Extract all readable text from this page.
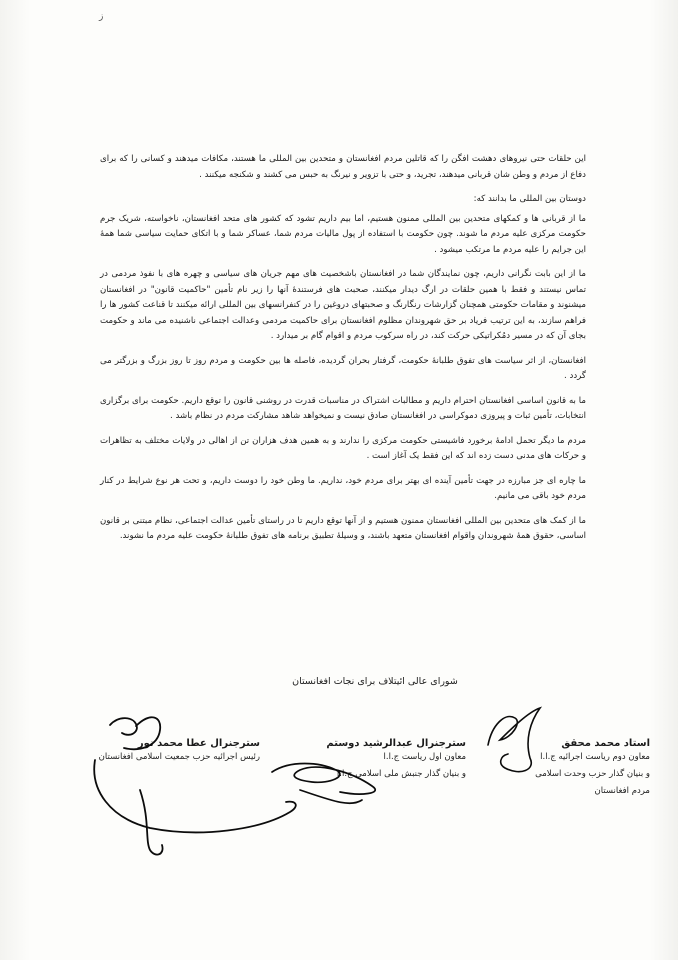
ز

این حلقات حتی نیروهای دهشت افگن را که قاتلین مردم افغانستان و متحدین بین المللی ما هستند، مکافات میدهند و کسانی را که برای دفاع از مردم و وطن شان قربانی میدهند، تجرید، و حتی با تزویر و نیرنگ به حبس می کشند و شکنجه میکنند .

دوستان بین المللی ما بدانند که:

ما از قربانی ها و کمکهای متحدین بین المللی ممنون هستیم، اما بیم داریم تشود که کشور های متحد افغانستان، ناخواسته، شریک جرم حکومت مرکزی علیه مردم ما شوند. چون حکومت با استفاده از پول مالیات مردم شما، عساکر شما و با اتکای حمایت سیاسی شما همهٔ این جرایم را علیه مردم ما مرتکب میشود .

ما از این بابت نگرانی داریم، چون نمایندگان شما در افغانستان باشخصیت های مهم جریان های سیاسی و چهره های با نفوذ مردمی در تماس نیستند و فقط با همین حلقات در ارگ دیدار میکنند، صحبت های فرستندهٔ آنها را زیر نام تأمین "حاکمیت قانون" در افغانستان میشنوند و مقامات حکومتی همچنان گزارشات رنگارنگ و صحبتهای دروغین را در کنفرانسهای بین المللی ارائه میکنند تا قناعت کشور ها را فراهم سازند، به این ترتیب فریاد بر حق شهروندان مظلوم افغانستان برای حاکمیت مردمی وعدالت اجتماعی ناشنیده می ماند و حکومت بجای آن که در مسیر دمُکراتیکی حرکت کند، در راه سرکوب مردم و اقوام گام بر میدارد .

افغانستان، از اثر سیاست های تفوق طلبانهٔ حکومت، گرفتار بحران گردیده، فاصله ها بین حکومت و مردم روز تا روز بزرگ و بزرگتر می گردد .

ما به قانون اساسی افغانستان احترام داریم و مطالبات اشتراک در مناسبات قدرت در روشنی قانون را توقع داریم. حکومت برای برگزاری انتخابات، تأمین ثبات و پیروزی دموکراسی در افغانستان صادق نیست و نمیخواهد شاهد مشارکت مردم در نظام باشد .

مردم ما دیگر تحمل ادامهٔ برخورد فاشیستی حکومت مرکزی را ندارند و به همین هدف هزاران تن از اهالی در ولایات مختلف به تظاهرات و حرکات های مدنی دست زده اند که این فقط یک آغاز است .

ما چاره ای جز مبارزه در جهت تأمین آینده ای بهتر برای مردم خود، نداریم. ما وطن خود را دوست داریم، و تحت هر نوع شرایط در کنار مردم خود باقی می مانیم.

ما از کمک های متحدین بین المللی افغانستان ممنون هستیم و از آنها توقع داریم تا در راستای تأمین عدالت اجتماعی، نظام مبتنی بر قانون اساسی، حقوق همهٔ شهروندان واقوام افغانستان متعهد باشند، و وسیلهٔ تطبیق برنامه های تفوق طلبانهٔ حکومت علیه مردم ما نشوند.

شورای عالی ائیتلاف برای نجات افغانستان
استاد محمد محقق
معاون دوم ریاست اجرائیه ج.ا.ا
و بنیان گذار حزب وحدت اسلامی مردم افغانستان
سترجنرال عبدالرشید دوستم
معاون اول ریاست ج.ا.ا
و بنیان گذار جنبش ملی اسلامی ج.ا.ا
سترجنرال عطا محمد نور
رئیس اجرائیه حزب جمعیت اسلامی افغانستان
